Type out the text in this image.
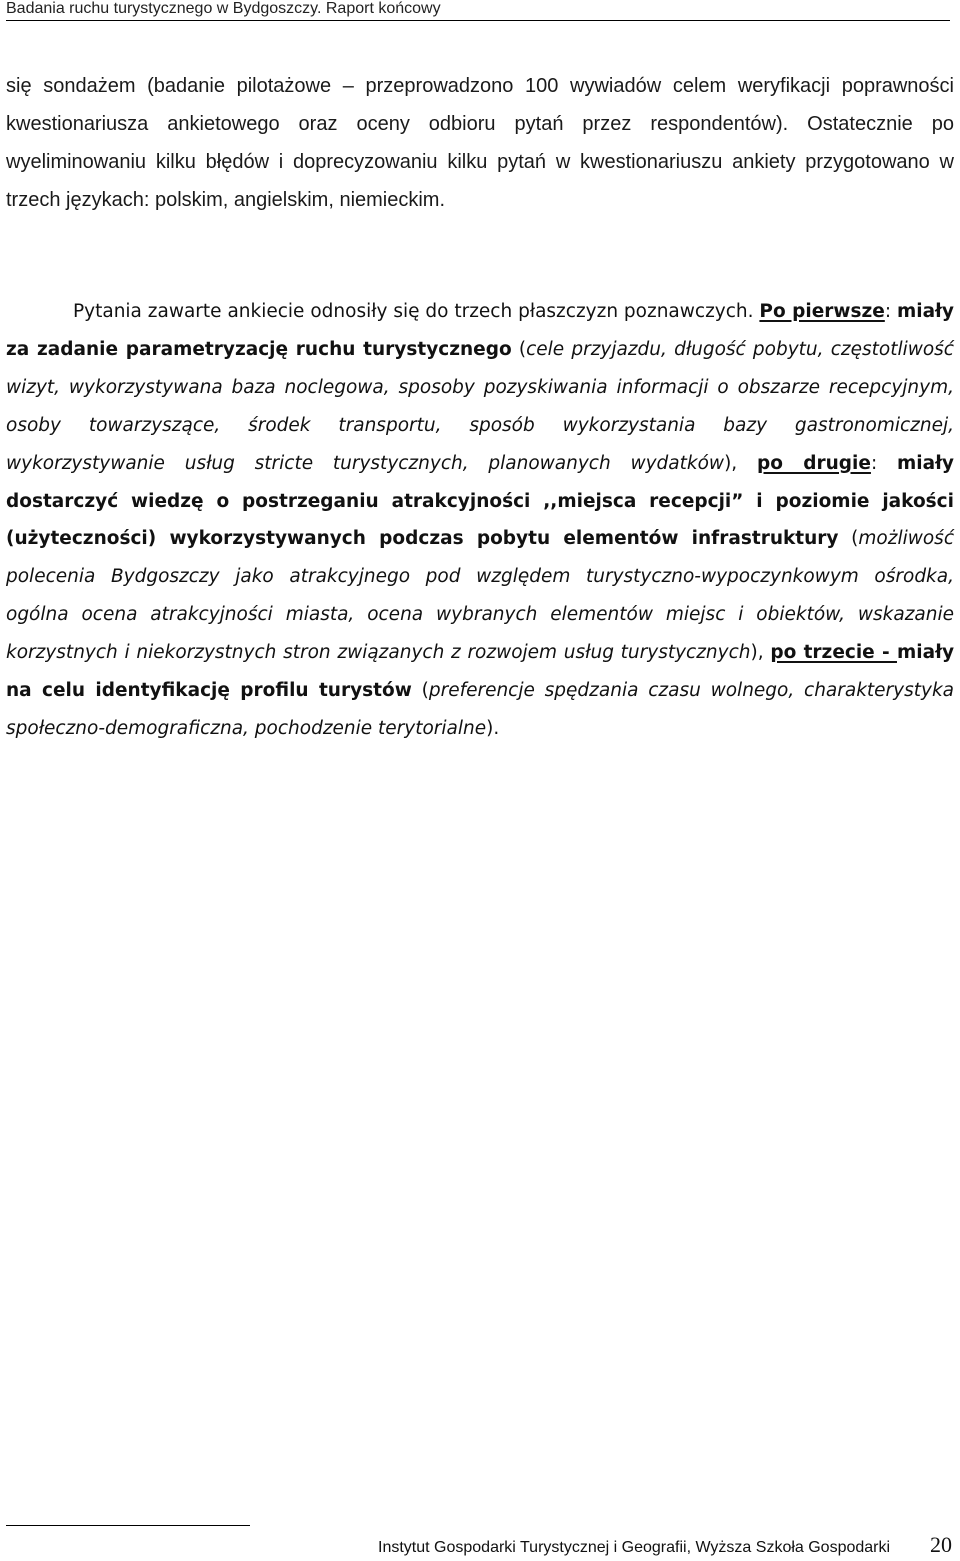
Badania ruchu turystycznego w Bydgoszczy. Raport końcowy

się sondażem (badanie pilotażowe – przeprowadzono 100 wywiadów celem weryfikacji poprawności kwestionariusza ankietowego oraz oceny odbioru pytań przez respondentów). Ostatecznie po wyeliminowaniu kilku błędów i doprecyzowaniu kilku pytań w kwestionariuszu ankiety przygotowano w trzech językach: polskim, angielskim, niemieckim.

Pytania zawarte ankiecie odnosiły się do trzech płaszczyzn poznawczych. Po pierwsze: miały za zadanie parametryzację ruchu turystycznego (cele przyjazdu, długość pobytu, częstotliwość wizyt, wykorzystywana baza noclegowa, sposoby pozyskiwania informacji o obszarze recepcyjnym, osoby towarzyszące, środek transportu, sposób wykorzystania bazy gastronomicznej, wykorzystywanie usług stricte turystycznych, planowanych wydatków), po drugie: miały dostarczyć wiedzę o postrzeganiu atrakcyjności ,,miejsca recepcji” i poziomie jakości (użyteczności) wykorzystywanych podczas pobytu elementów infrastruktury (możliwość polecenia Bydgoszczy jako atrakcyjnego pod względem turystyczno-wypoczynkowym ośrodka, ogólna ocena atrakcyjności miasta, ocena wybranych elementów miejsc i obiektów, wskazanie korzystnych i niekorzystnych stron związanych z rozwojem usług turystycznych), po trzecie - miały na celu identyfikację profilu turystów (preferencje spędzania czasu wolnego, charakterystyka społeczno-demograficzna, pochodzenie terytorialne).

Instytut Gospodarki Turystycznej i Geografii, Wyższa Szkoła Gospodarki 20
